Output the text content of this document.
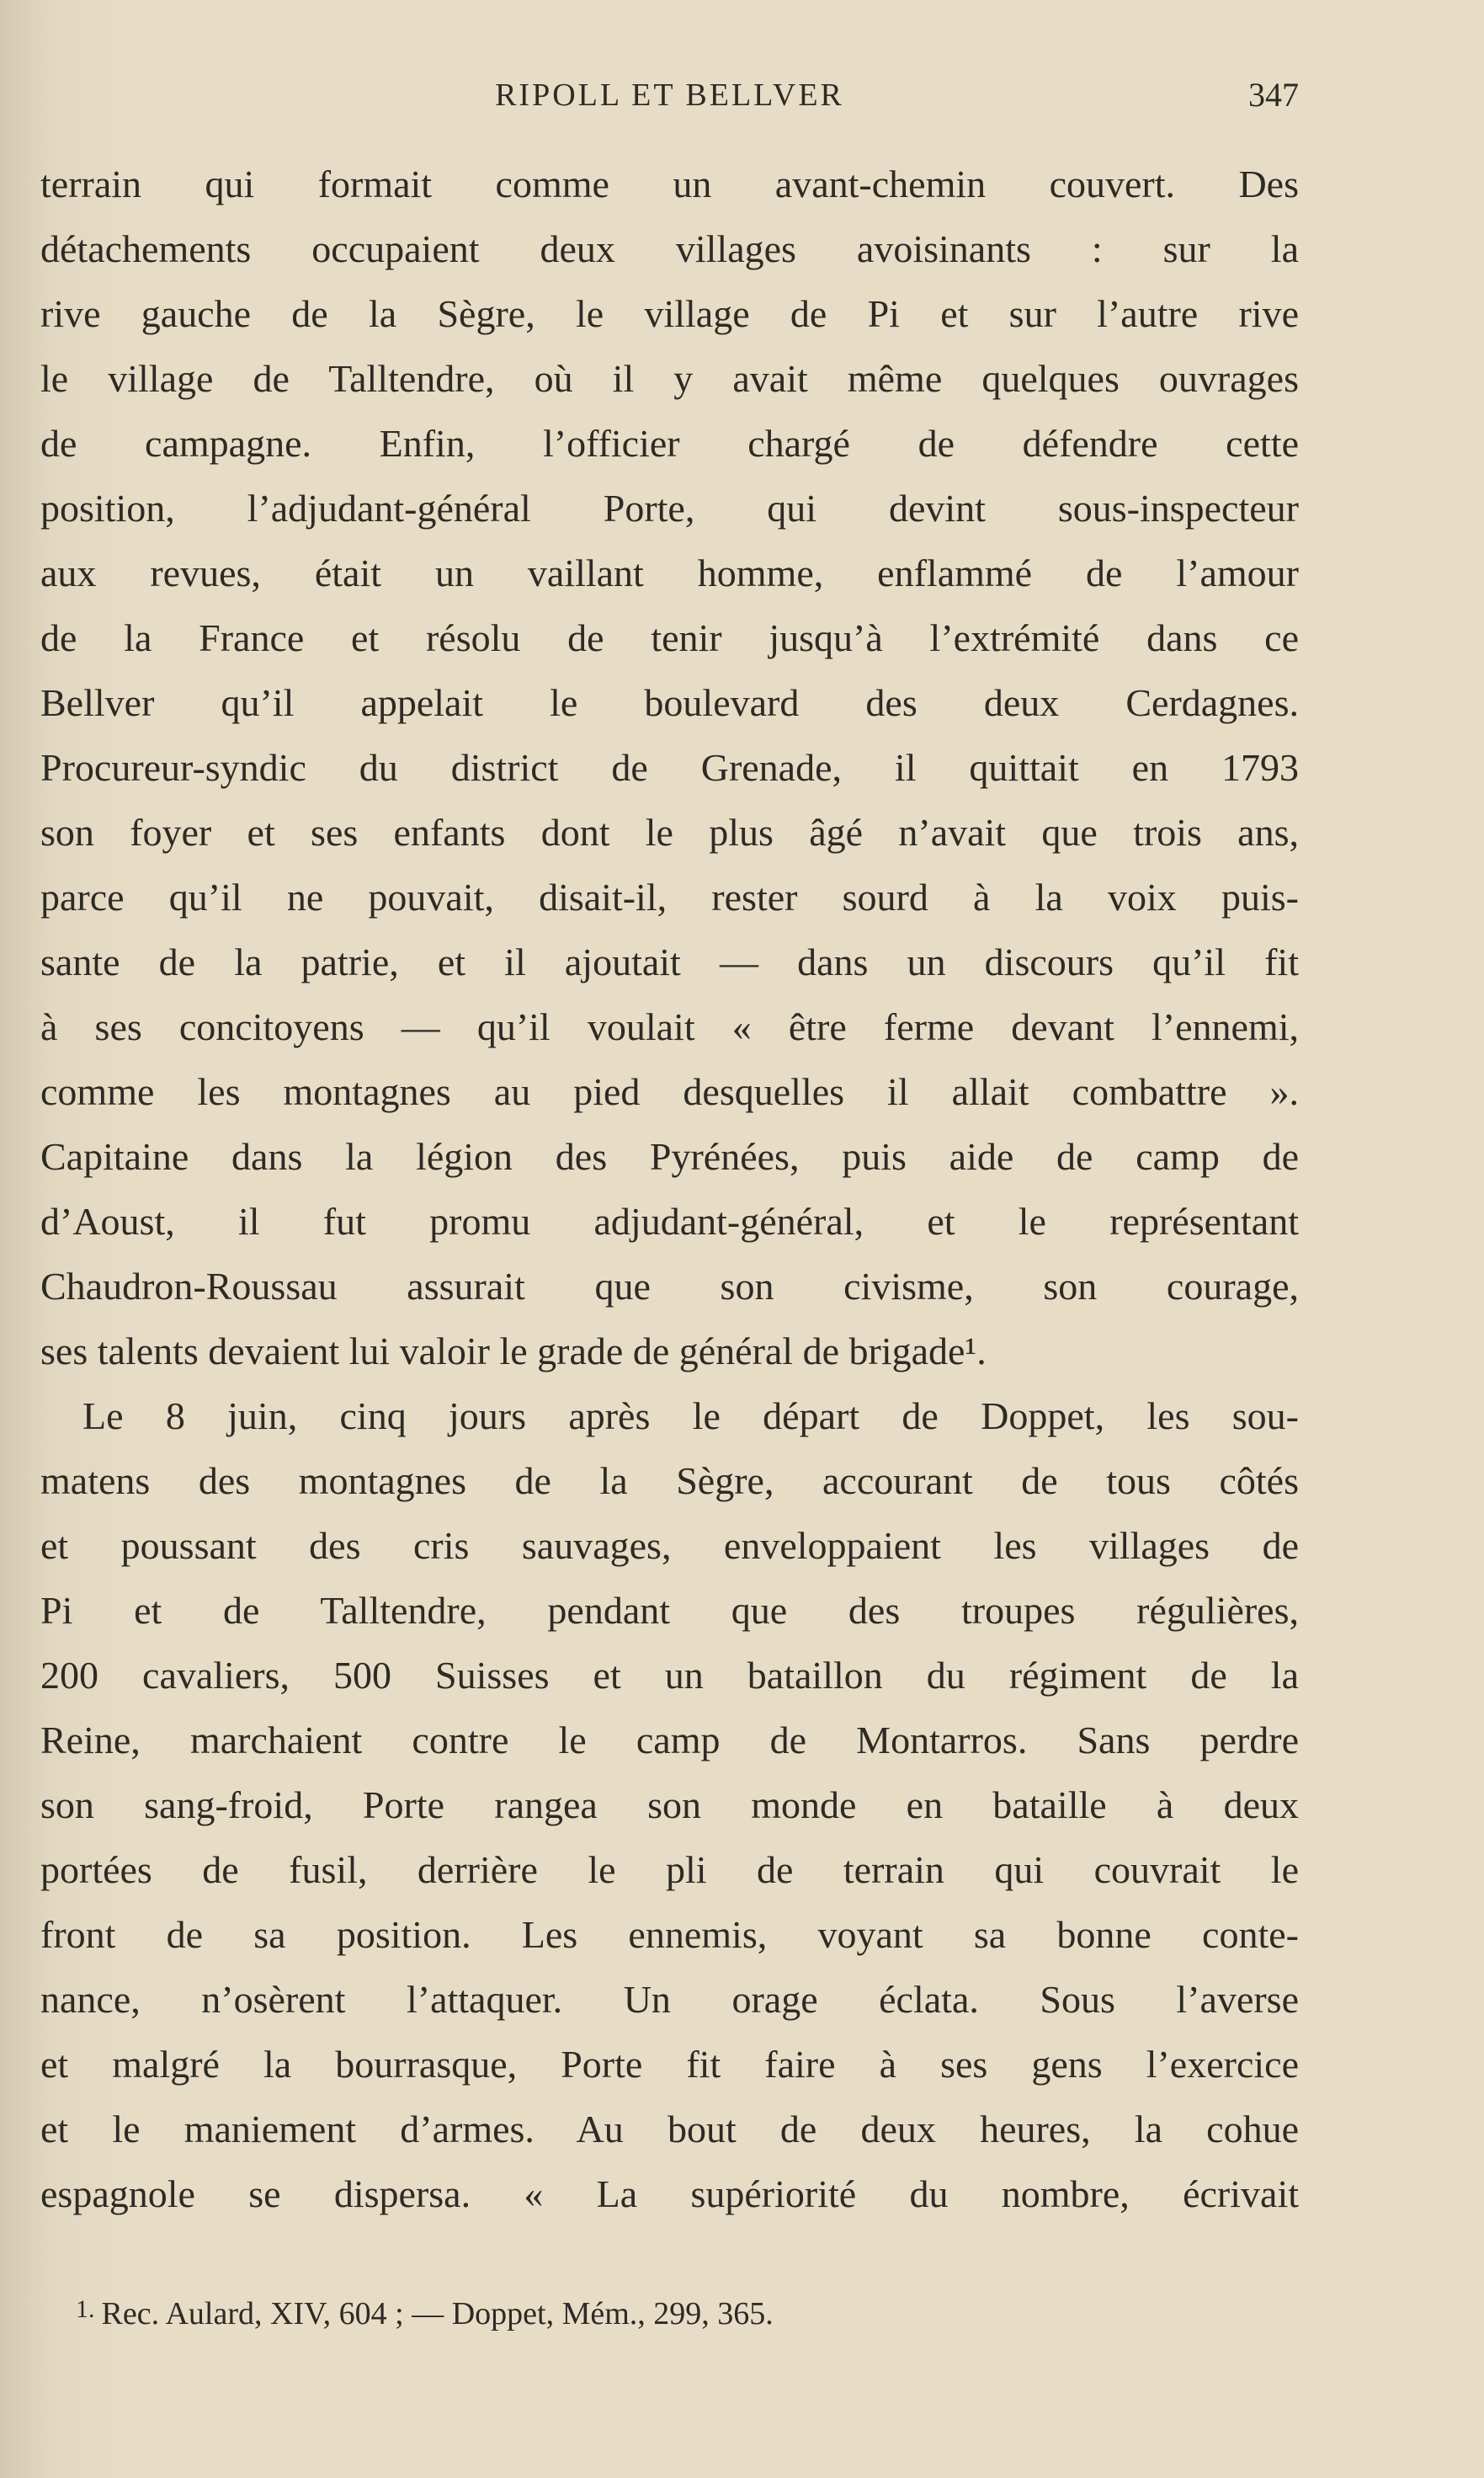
RIPOLL ET BELLVER	347
terrain qui formait comme un avant-chemin couvert. Des
détachements occupaient deux villages avoisinants : sur la
rive gauche de la Sègre, le village de Pi et sur l’autre rive
le village de Talltendre, où il y avait même quelques ouvrages
de campagne. Enfin, l’officier chargé de défendre cette
position, l’adjudant-général Porte, qui devint sous-inspecteur
aux revues, était un vaillant homme, enflammé de l’amour
de la France et résolu de tenir jusqu’à l’extrémité dans ce
Bellver qu’il appelait le boulevard des deux Cerdagnes.
Procureur-syndic du district de Grenade, il quittait en 1793
son foyer et ses enfants dont le plus âgé n’avait que trois ans,
parce qu’il ne pouvait, disait-il, rester sourd à la voix puis-
sante de la patrie, et il ajoutait — dans un discours qu’il fit
à ses concitoyens — qu’il voulait « être ferme devant l’ennemi,
comme les montagnes au pied desquelles il allait combattre ».
Capitaine dans la légion des Pyrénées, puis aide de camp de
d’Aoust, il fut promu adjudant-général, et le représentant
Chaudron-Roussau assurait que son civisme, son courage,
ses talents devaient lui valoir le grade de général de brigade¹.
Le 8 juin, cinq jours après le départ de Doppet, les sou-
matens des montagnes de la Sègre, accourant de tous côtés
et poussant des cris sauvages, enveloppaient les villages de
Pi et de Talltendre, pendant que des troupes régulières,
200 cavaliers, 500 Suisses et un bataillon du régiment de la
Reine, marchaient contre le camp de Montarros. Sans perdre
son sang-froid, Porte rangea son monde en bataille à deux
portées de fusil, derrière le pli de terrain qui couvrait le
front de sa position. Les ennemis, voyant sa bonne conte-
nance, n’osèrent l’attaquer. Un orage éclata. Sous l’averse
et malgré la bourrasque, Porte fit faire à ses gens l’exercice
et le maniement d’armes. Au bout de deux heures, la cohue
espagnole se dispersa. « La supériorité du nombre, écrivait
$^{1.}$ Rec. Aulard, XIV, 604 ; — Doppet, Mém., 299, 365.
